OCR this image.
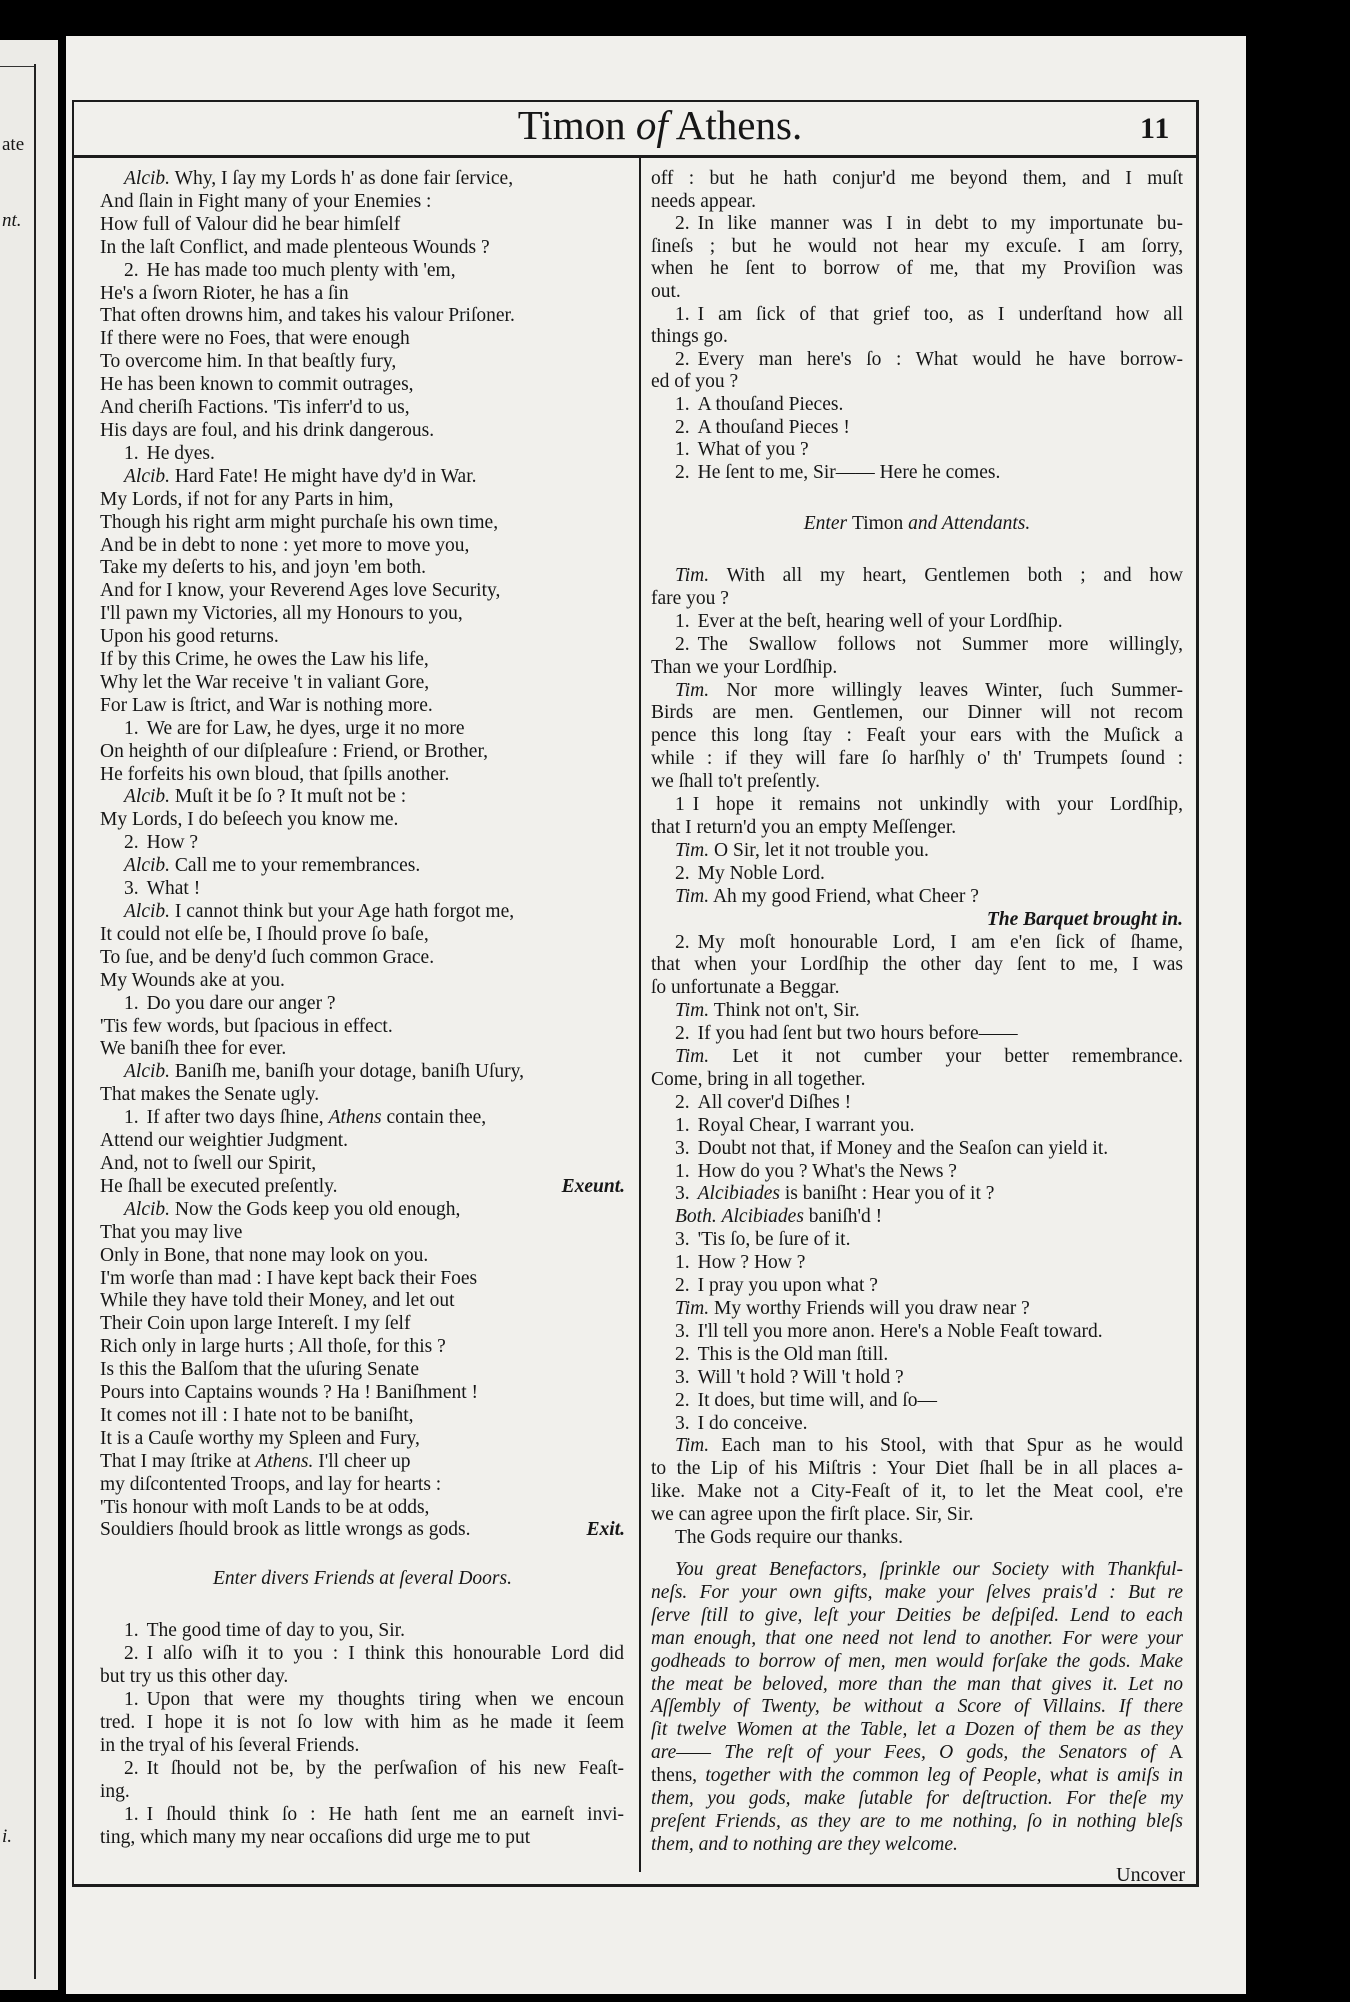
ate
nt.
i.
Timon of Athens.	11
Alcib. Why, I ſay my Lords h' as done fair ſervice,
And ſlain in Fight many of your Enemies :
How full of Valour did he bear himſelf
In the laſt Conflict, and made plenteous Wounds ?
2. He has made too much plenty with 'em,
He's a ſworn Rioter, he has a ſin
That often drowns him, and takes his valour Priſoner.
If there were no Foes, that were enough
To overcome him. In that beaſtly fury,
He has been known to commit outrages,
And cheriſh Factions. 'Tis inferr'd to us,
His days are foul, and his drink dangerous.
1. He dyes.
Alcib. Hard Fate! He might have dy'd in War.
My Lords, if not for any Parts in him,
Though his right arm might purchaſe his own time,
And be in debt to none : yet more to move you,
Take my deſerts to his, and joyn 'em both.
And for I know, your Reverend Ages love Security,
I'll pawn my Victories, all my Honours to you,
Upon his good returns.
If by this Crime, he owes the Law his life,
Why let the War receive 't in valiant Gore,
For Law is ſtrict, and War is nothing more.
1. We are for Law, he dyes, urge it no more
On heighth of our diſpleaſure : Friend, or Brother,
He forfeits his own bloud, that ſpills another.
Alcib. Muſt it be ſo ? It muſt not be :
My Lords, I do beſeech you know me.
2. How ?
Alcib. Call me to your remembrances.
3. What !
Alcib. I cannot think but your Age hath forgot me,
It could not elſe be, I ſhould prove ſo baſe,
To ſue, and be deny'd ſuch common Grace.
My Wounds ake at you.
1. Do you dare our anger ?
'Tis few words, but ſpacious in effect.
We baniſh thee for ever.
Alcib. Baniſh me, baniſh your dotage, baniſh Uſury,
That makes the Senate ugly.
1. If after two days ſhine, Athens contain thee,
Attend our weightier Judgment.
And, not to ſwell our Spirit,
He ſhall be executed preſently.	Exeunt.
Alcib. Now the Gods keep you old enough,
That you may live
Only in Bone, that none may look on you.
I'm worſe than mad : I have kept back their Foes
While they have told their Money, and let out
Their Coin upon large Intereſt. I my ſelf
Rich only in large hurts ; All thoſe, for this ?
Is this the Balſom that the uſuring Senate
Pours into Captains wounds ? Ha ! Baniſhment !
It comes not ill : I hate not to be baniſht,
It is a Cauſe worthy my Spleen and Fury,
That I may ſtrike at Athens. I'll cheer up
my diſcontented Troops, and lay for hearts :
'Tis honour with moſt Lands to be at odds,
Souldiers ſhould brook as little wrongs as gods.	Exit.
Enter divers Friends at ſeveral Doors.
1. The good time of day to you, Sir.
2. I alſo wiſh it to you : I think this honourable Lord did
but try us this other day.
1. Upon that were my thoughts tiring when we encoun
tred. I hope it is not ſo low with him as he made it ſeem
in the tryal of his ſeveral Friends.
2. It ſhould not be, by the perſwaſion of his new Feaſt-
ing.
1. I ſhould think ſo : He hath ſent me an earneſt invi-
ting, which many my near occaſions did urge me to put
off : but he hath conjur'd me beyond them, and I muſt
needs appear.
2. In like manner was I in debt to my importunate bu-
ſineſs ; but he would not hear my excuſe. I am ſorry,
when he ſent to borrow of me, that my Proviſion was
out.
1. I am ſick of that grief too, as I underſtand how all
things go.
2. Every man here's ſo : What would he have borrow-
ed of you ?
1. A thouſand Pieces.
2. A thouſand Pieces !
1. What of you ?
2. He ſent to me, Sir—— Here he comes.
Enter Timon and Attendants.
Tim. With all my heart, Gentlemen both ; and how
fare you ?
1. Ever at the beſt, hearing well of your Lordſhip.
2. The Swallow follows not Summer more willingly,
Than we your Lordſhip.
Tim. Nor more willingly leaves Winter, ſuch Summer-
Birds are men. Gentlemen, our Dinner will not recom
pence this long ſtay : Feaſt your ears with the Muſick a
while : if they will fare ſo harſhly o' th' Trumpets ſound :
we ſhall to't preſently.
1 I hope it remains not unkindly with your Lordſhip,
that I return'd you an empty Meſſenger.
Tim. O Sir, let it not trouble you.
2. My Noble Lord.
Tim. Ah my good Friend, what Cheer ?
The Barquet brought in.
2. My moſt honourable Lord, I am e'en ſick of ſhame,
that when your Lordſhip the other day ſent to me, I was
ſo unfortunate a Beggar.
Tim. Think not on't, Sir.
2. If you had ſent but two hours before——
Tim. Let it not cumber your better remembrance.
Come, bring in all together.
2. All cover'd Diſhes !
1. Royal Chear, I warrant you.
3. Doubt not that, if Money and the Seaſon can yield it.
1. How do you ? What's the News ?
3. Alcibiades is baniſht : Hear you of it ?
Both. Alcibiades baniſh'd !
3. 'Tis ſo, be ſure of it.
1. How ? How ?
2. I pray you upon what ?
Tim. My worthy Friends will you draw near ?
3. I'll tell you more anon. Here's a Noble Feaſt toward.
2. This is the Old man ſtill.
3. Will 't hold ? Will 't hold ?
2. It does, but time will, and ſo—
3. I do conceive.
Tim. Each man to his Stool, with that Spur as he would
to the Lip of his Miſtris : Your Diet ſhall be in all places a-
like. Make not a City-Feaſt of it, to let the Meat cool, e're
we can agree upon the firſt place. Sir, Sir.
The Gods require our thanks.
You great Benefactors, ſprinkle our Society with Thankful-
neſs. For your own gifts, make your ſelves prais'd : But re
ſerve ſtill to give, leſt your Deities be deſpiſed. Lend to each
man enough, that one need not lend to another. For were your
godheads to borrow of men, men would forſake the gods. Make
the meat be beloved, more than the man that gives it. Let no
Aſſembly of Twenty, be without a Score of Villains. If there
ſit twelve Women at the Table, let a Dozen of them be as they
are—— The reſt of your Fees, O gods, the Senators of A
thens, together with the common leg of People, what is amiſs in
them, you gods, make ſutable for deſtruction. For theſe my
preſent Friends, as they are to me nothing, ſo in nothing bleſs
them, and to nothing are they welcome.
Uncover
